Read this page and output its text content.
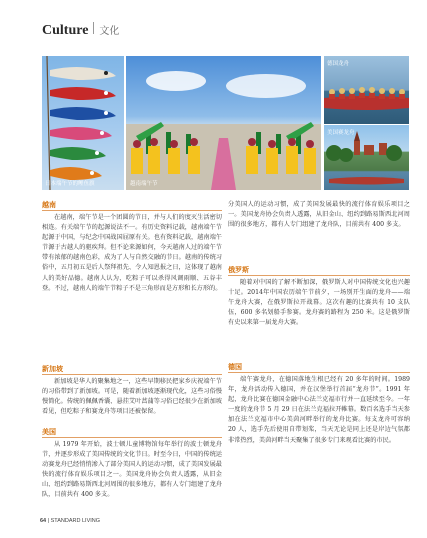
Culture 文化
日本端午节的鲤鱼旗	越南端午节
德国龙舟
美国赛龙舟
越南

在越南，端午节是一个团圆的节日，并与人们的度灭生活密切相连。有关端午节的起源说法不一。有历史资料记载，越南端午节起源于中国，与纪念中国战国屈原有关。也有资料记载，越南端午节源于古越人的驱疾拜。但不论来源如何，今天越南人过的端午节带有浓郁的越南色彩，成为了人与自然交融的节日。越南的传统习俗中，五月初五是后人祭拜祖先、令人知恩报之日，这体现了越南人的美好品德。越南人认为，吃粽子可以杀得风调雨顺、五谷丰登。不过，越南人的端午节粽子不是三角形而是方形和长方形的。

新加坡

新加坡是华人的聚集地之一，这些早期移民把家乡庆祝端午节的习俗带到了新加坡。可是，随着新加坡逐渐现代化，这些习俗慢慢简化。传统的佩佩香囊、悬挂艾叶菖蒲等习俗已经很少在新加坡看见，但吃粽子和赛龙舟等项目还被保留。

美国

从 1979 年开始，波士顿儿童博物馆每年举行的波士顿龙舟节，并逐步形成了美国传统的文化节日。时至今日，中国的传统运动赛龙舟已经悄悄渗入了部分美国人的运动习惯，成了美国发展最快的流行体育娱乐项目之一。美国龙舟协会负责人透露，从旧金山、纽约到路易斯西北河周围的很多地方，都有人专门组建了龙舟队，目前共有 400 多支。

分美国人的运动习惯，成了美国发展最快的流行体育娱乐项目之一。美国龙舟协会负责人透露，从旧金山、纽约到路易斯西北河周围的很多地方，都有人专门组建了龙舟队，目前共有 400 多支。

俄罗斯

随着对中国的了解不断加深，俄罗斯人对中国传统文化也兴趣十足。2014年中国农历端午节前夕，一场别开生面的龙舟——端午龙舟大赛，在俄罗斯拉开战幕。这次有趣的比赛共有 10 支队伍，600 多名划船手参赛。龙舟赛的路程为 250 米。这是俄罗斯有史以来第一届龙舟大赛。

德国

端午赛龙舟，在德国落地生根已经有 20 多年的时间。1989 年，龙舟活动传入德国，并在汉堡举行首届“龙舟节”。1991 年起，龙舟比赛在德国金融中心法兰克福市行并一直延续至今。一年一度的龙舟节 5 月 29 日在法兰克福拉开帷幕。数百名选手当天参加在法兰克福市中心美茵河畔举行的龙舟比赛。每支龙舟可容纳 20 人，选手先后使用自带划桨，当天无论是同上还是岸边气氛都非常热烈，美茵河畔当天聚集了很多专门来观看比赛的市民。

64 | STANDARD LIVING
